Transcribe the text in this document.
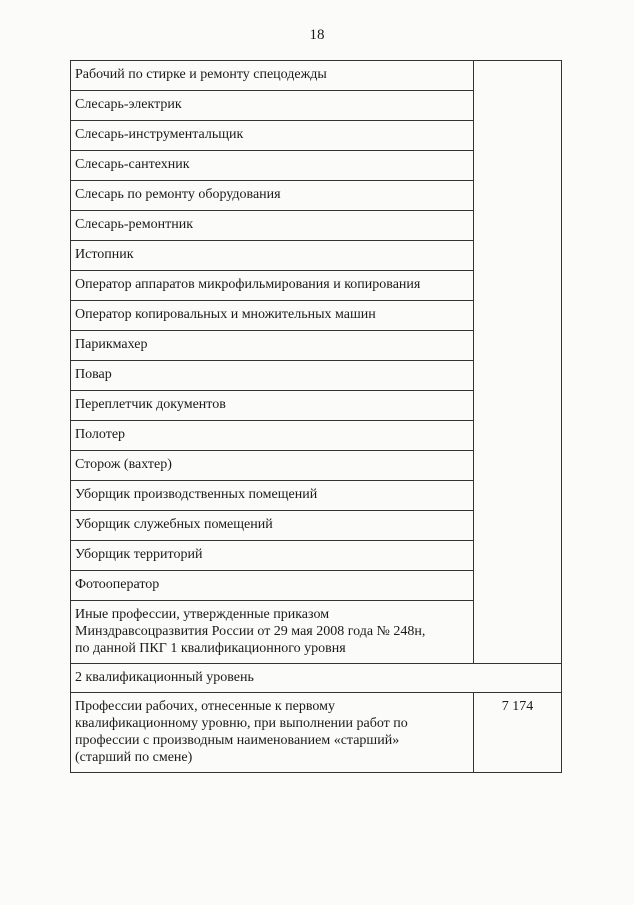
18
Рабочий по стирке и ремонту спецодежды	
Слесарь-электрик	
Слесарь-инструментальщик	
Слесарь-сантехник	
Слесарь по ремонту оборудования	
Слесарь-ремонтник	
Истопник	
Оператор аппаратов микрофильмирования и копирования	
Оператор копировальных и множительных машин	
Парикмахер	
Повар	
Переплетчик документов	
Полотер	
Сторож (вахтер)	
Уборщик производственных помещений	
Уборщик служебных помещений	
Уборщик территорий	
Фотооператор	
Иные профессии, утвержденные приказом
Минздравсоцразвития России от 29 мая 2008 года № 248н,
по данной ПКГ 1 квалификационного уровня	
2 квалификационный уровень	
Профессии рабочих, отнесенные к первому
квалификационному уровню, при выполнении работ по
профессии с производным наименованием «старший»
(старший по смене)	7 174
